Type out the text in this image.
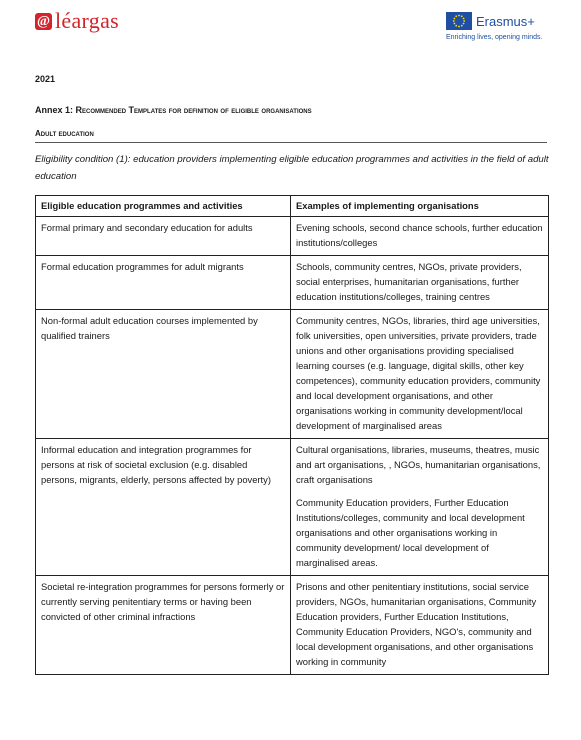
@ léargas	Erasmus+
Enriching lives, opening minds.
2021
Annex 1: Recommended Templates for definition of eligible organisations
Adult education
Eligibility condition (1): education providers implementing eligible education programmes and activities in the field of adult education
Eligible education programmes and activities	Examples of implementing organisations
Formal primary and secondary education for adults	Evening schools, second chance schools, further education institutions/colleges
Formal education programmes for adult migrants	Schools, community centres, NGOs, private providers, social enterprises, humanitarian organisations, further education institutions/colleges, training centres
Non-formal adult education courses implemented by qualified trainers	Community centres, NGOs, libraries, third age universities, folk universities, open universities, private providers, trade unions and other organisations providing specialised learning courses (e.g. language, digital skills, other key competences), community education providers, community and local development organisations, and other organisations working in community development/local development of marginalised areas
Informal education and integration programmes for persons at risk of societal exclusion (e.g. disabled persons, migrants, elderly, persons affected by poverty)	Cultural organisations, libraries, museums, theatres, music and art organisations, , NGOs, humanitarian organisations, craft organisations
Community Education providers, Further Education Institutions/colleges, community and local development organisations and other organisations working in community development/ local development of marginalised areas.

Societal re-integration programmes for persons formerly or currently serving penitentiary terms or having been convicted of other criminal infractions	Prisons and other penitentiary institutions, social service providers, NGOs, humanitarian organisations, Community Education providers, Further Education Institutions, Community Education Providers, NGO's, community and local development organisations, and other organisations working in community
